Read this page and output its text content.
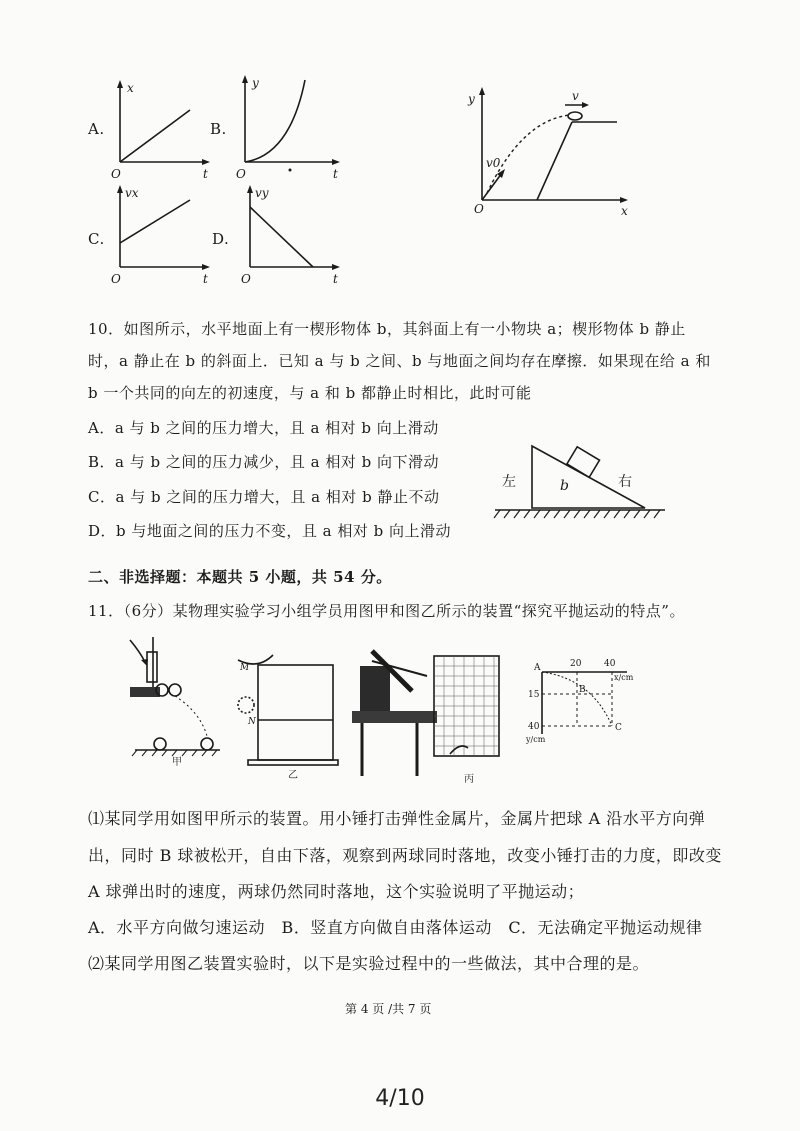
A.	B.
C.	D.
x
O	t
y
O	t
vx
O	t
vy
O	t
y
x
O
v
v0
10．如图所示，水平地面上有一楔形物体 b，其斜面上有一小物块 a；楔形物体 b 静止
时，a 静止在 b 的斜面上．已知 a 与 b 之间、b 与地面之间均存在摩擦．如果现在给 a 和
b 一个共同的向左的初速度，与 a 和 b 都静止时相比，此时可能
A．a 与 b 之间的压力增大，且 a 相对 b 向上滑动
B．a 与 b 之间的压力减少，且 a 相对 b 向下滑动
C．a 与 b 之间的压力增大，且 a 相对 b 静止不动
D．b 与地面之间的压力不变，且 a 相对 b 向上滑动
左	b	右
二、非选择题：本题共 5 小题，共 54 分。
11．（6分）某物理实验学习小组学员用图甲和图乙所示的装置“探究平抛运动的特点”。
甲
M
N
乙	丙
A
B
C
20	40
x/cm
15
40
y/cm
⑴某同学用如图甲所示的装置。用小锤打击弹性金属片，金属片把球 A 沿水平方向弹
出，同时 B 球被松开，自由下落，观察到两球同时落地，改变小锤打击的力度，即改变
A 球弹出时的速度，两球仍然同时落地，这个实验说明了平抛运动；
A．水平方向做匀速运动　B．竖直方向做自由落体运动　C．无法确定平抛运动规律
⑵某同学用图乙装置实验时，以下是实验过程中的一些做法，其中合理的是。
第 4 页 /共 7 页
4/10
